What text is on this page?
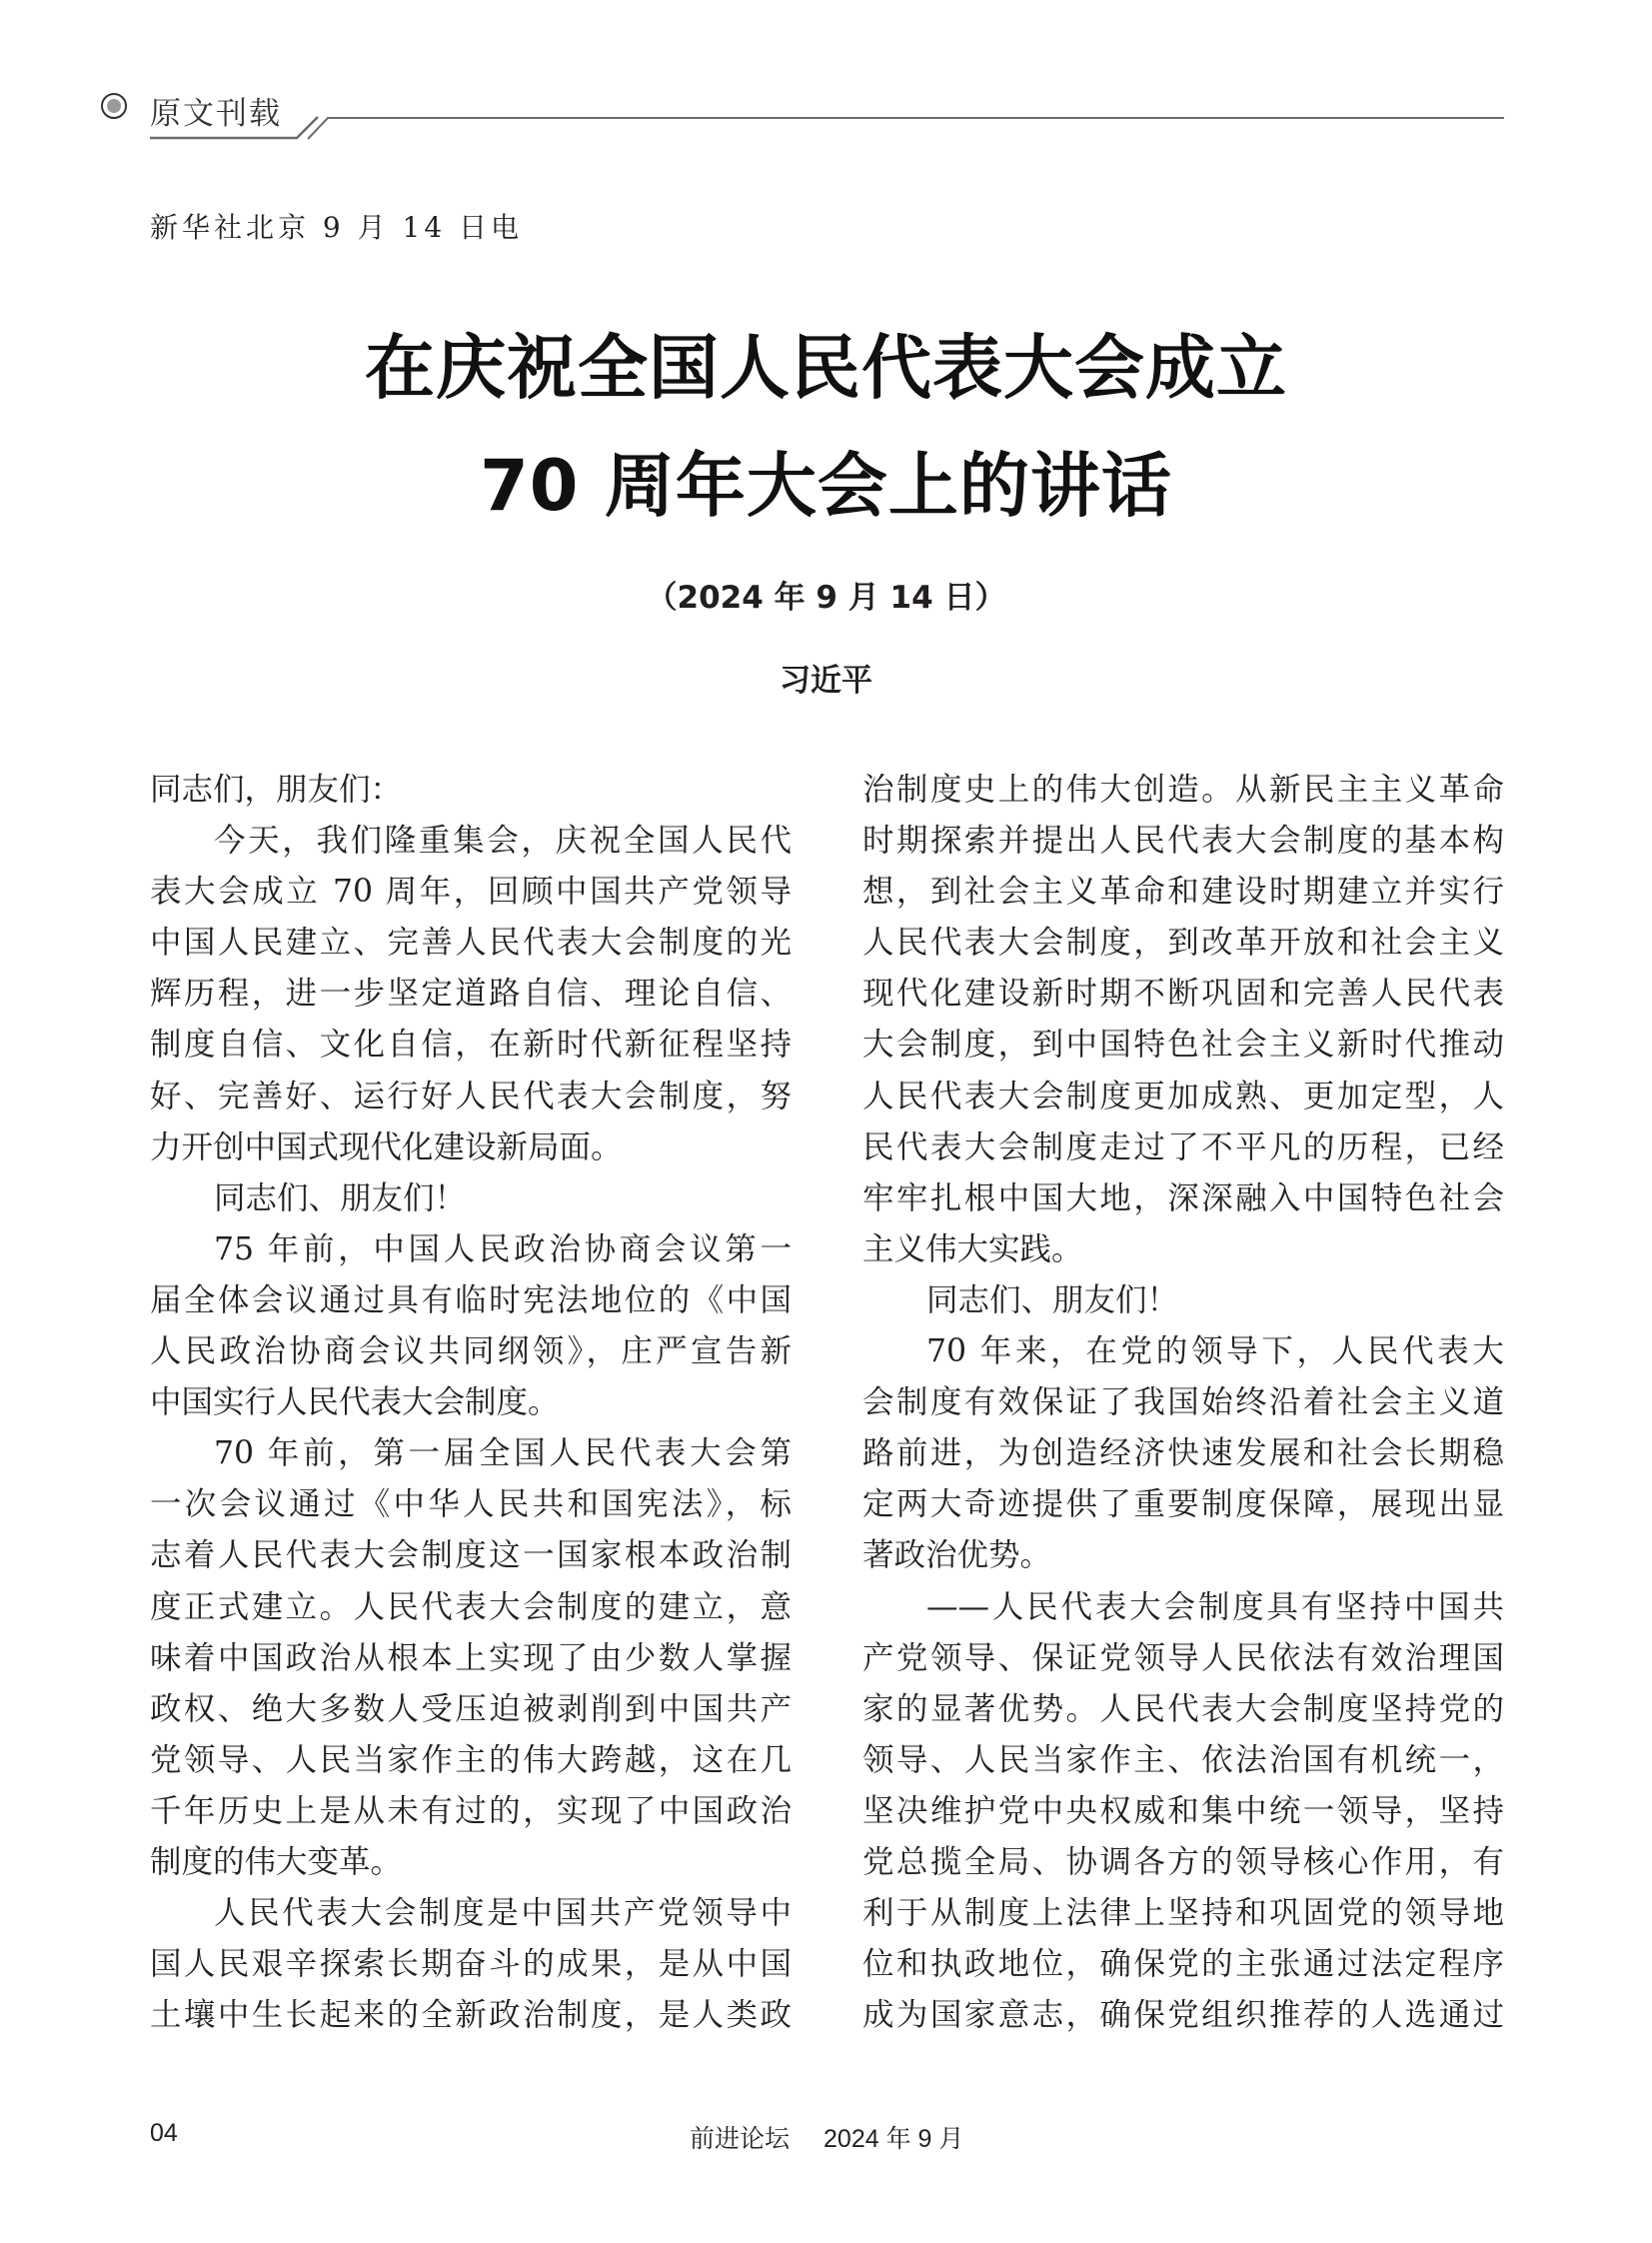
原文刊载
新华社北京 9 月 14 日电
在庆祝全国人民代表大会成立
70 周年大会上的讲话
（2024 年 9 月 14 日）
习近平
同志们，朋友们：
今天，我们隆重集会，庆祝全国人民代
表大会成立 70 周年，回顾中国共产党领导
中国人民建立、完善人民代表大会制度的光
辉历程，进一步坚定道路自信、理论自信、
制度自信、文化自信，在新时代新征程坚持
好、完善好、运行好人民代表大会制度，努
力开创中国式现代化建设新局面。
同志们、朋友们！
75 年前，中国人民政治协商会议第一
届全体会议通过具有临时宪法地位的《中国
人民政治协商会议共同纲领》，庄严宣告新
中国实行人民代表大会制度。
70 年前，第一届全国人民代表大会第
一次会议通过《中华人民共和国宪法》，标
志着人民代表大会制度这一国家根本政治制
度正式建立。人民代表大会制度的建立，意
味着中国政治从根本上实现了由少数人掌握
政权、绝大多数人受压迫被剥削到中国共产
党领导、人民当家作主的伟大跨越，这在几
千年历史上是从未有过的，实现了中国政治
制度的伟大变革。
人民代表大会制度是中国共产党领导中
国人民艰辛探索长期奋斗的成果，是从中国
土壤中生长起来的全新政治制度，是人类政
治制度史上的伟大创造。从新民主主义革命
时期探索并提出人民代表大会制度的基本构
想，到社会主义革命和建设时期建立并实行
人民代表大会制度，到改革开放和社会主义
现代化建设新时期不断巩固和完善人民代表
大会制度，到中国特色社会主义新时代推动
人民代表大会制度更加成熟、更加定型，人
民代表大会制度走过了不平凡的历程，已经
牢牢扎根中国大地，深深融入中国特色社会
主义伟大实践。
同志们、朋友们！
70 年来，在党的领导下，人民代表大
会制度有效保证了我国始终沿着社会主义道
路前进，为创造经济快速发展和社会长期稳
定两大奇迹提供了重要制度保障，展现出显
著政治优势。
——人民代表大会制度具有坚持中国共
产党领导、保证党领导人民依法有效治理国
家的显著优势。人民代表大会制度坚持党的
领导、人民当家作主、依法治国有机统一，
坚决维护党中央权威和集中统一领导，坚持
党总揽全局、协调各方的领导核心作用，有
利于从制度上法律上坚持和巩固党的领导地
位和执政地位，确保党的主张通过法定程序
成为国家意志，确保党组织推荐的人选通过
04	前进论坛 2024 年 9 月
